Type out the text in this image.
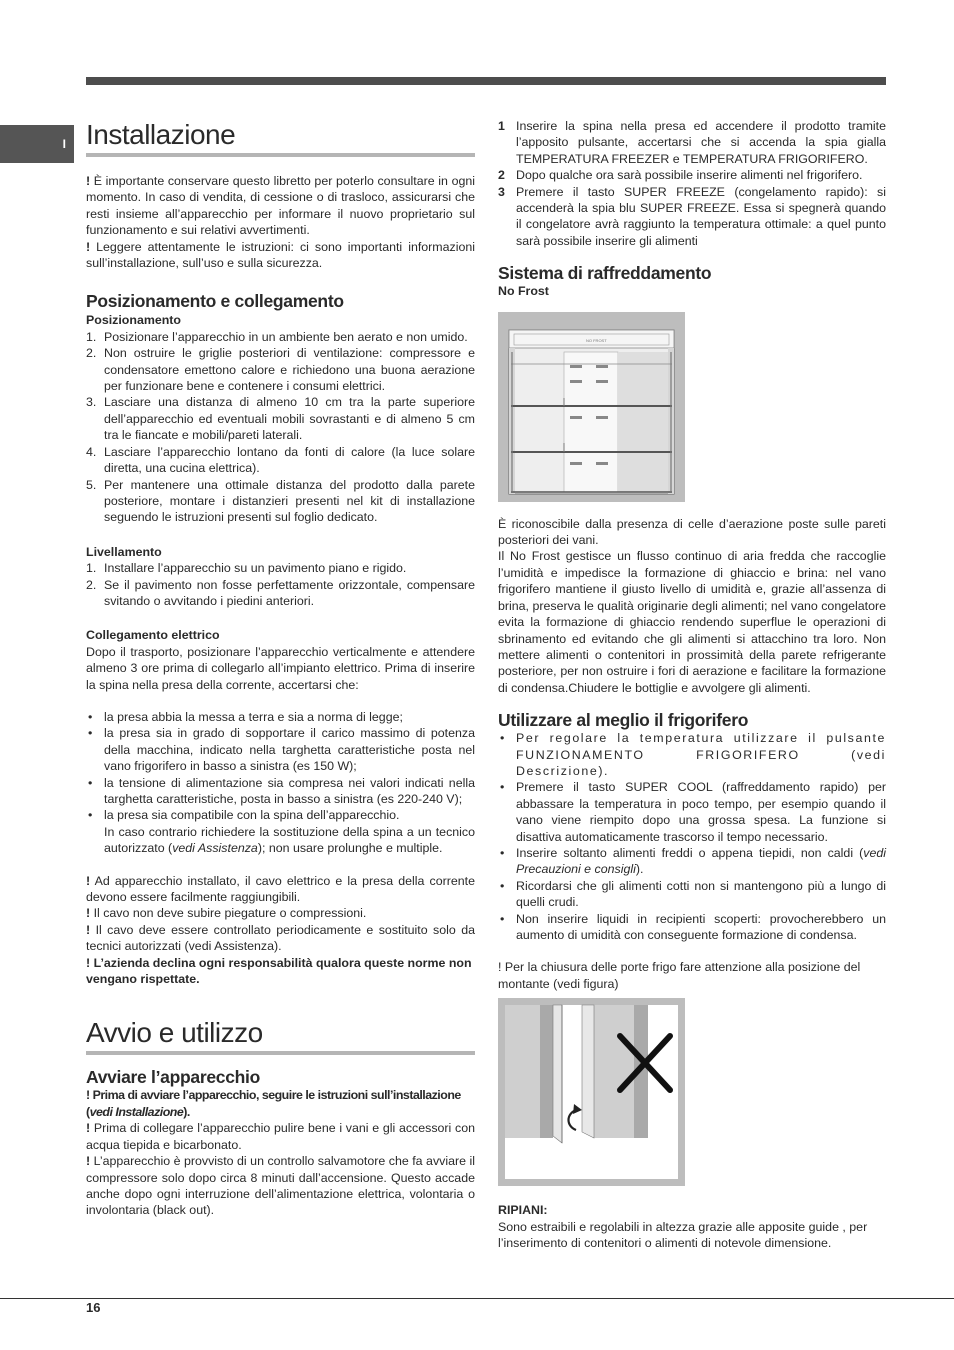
I Installazione

! È importante conservare questo libretto per poterlo consultare in ogni momento. In caso di vendita, di cessione o di trasloco, assicurarsi che resti insieme all’apparecchio per informare il nuovo proprietario sul funzionamento e sui relativi avvertimenti.

! Leggere attentamente le istruzioni: ci sono importanti informazioni sull’installazione, sull’uso e sulla sicurezza.

Posizionamento e collegamento
Posizionamento
1. Posizionare l’apparecchio in un ambiente ben aerato e non umido.
2. Non ostruire le griglie posteriori di ventilazione: compressore e condensatore emettono calore e richiedono una buona aerazione per funzionare bene e contenere i consumi elettrici.
3. Lasciare una distanza di almeno 10 cm tra la parte superiore dell’apparecchio ed eventuali mobili sovrastanti e di almeno 5 cm tra le fiancate e mobili/pareti laterali.
4. Lasciare l’apparecchio lontano da fonti di calore (la luce solare diretta, una cucina elettrica).
5. Per mantenere una ottimale distanza del prodotto dalla parete posteriore, montare i distanzieri presenti nel kit di installazione seguendo le istruzioni presenti sul foglio dedicato.
Livellamento
1. Installare l’apparecchio su un pavimento piano e rigido.
2. Se il pavimento non fosse perfettamente orizzontale, compensare svitando o avvitando i piedini anteriori.
Collegamento elettrico

Dopo il trasporto, posizionare l’apparecchio verticalmente e attendere almeno 3 ore prima di collegarlo all’impianto elettrico. Prima di inserire la spina nella presa della corrente, accertarsi che:

• la presa abbia la messa a terra e sia a norma di legge;
• la presa sia in grado di sopportare il carico massimo di potenza della macchina, indicato nella targhetta caratteristiche posta nel vano frigorifero in basso a sinistra (es 150 W);
• la tensione di alimentazione sia compresa nei valori indicati nella targhetta caratteristiche, posta in basso a sinistra (es 220-240 V);
• la presa sia compatibile con la spina dell’apparecchio.
In caso contrario richiedere la sostituzione della spina a un tecnico autorizzato (vedi Assistenza); non usare prolunghe e multiple.

! Ad apparecchio installato, il cavo elettrico e la presa della corrente devono essere facilmente raggiungibili.

! Il cavo non deve subire piegature o compressioni.

! Il cavo deve essere controllato periodicamente e sostituito solo da tecnici autorizzati (vedi Assistenza).

! L’azienda declina ogni responsabilità qualora queste norme non vengano rispettate.

Avvio e utilizzo
Avviare l’apparecchio

! Prima di avviare l’apparecchio, seguire le istruzioni sull’installazione (vedi Installazione).

! Prima di collegare l’apparecchio pulire bene i vani e gli accessori con acqua tiepida e bicarbonato.

! L’apparecchio è provvisto di un controllo salvamotore che fa avviare il compressore solo dopo circa 8 minuti dall’accensione. Questo accade anche dopo ogni interruzione dell’alimentazione elettrica, volontaria o involontaria (black out).

1 Inserire la spina nella presa ed accendere il prodotto tramite l’apposito pulsante, accertarsi che si accenda la spia gialla TEMPERATURA FREEZER e TEMPERATURA FRIGORIFERO.
2 Dopo qualche ora sarà possibile inserire alimenti nel frigorifero.
3 Premere il tasto SUPER FREEZE (congelamento rapido): si accenderà la spia blu SUPER FREEZE. Essa si spegnerà quando il congelatore avrà raggiunto la temperatura ottimale: a quel punto sarà possibile inserire gli alimenti
Sistema di raffreddamento
No Frost
NO FROST

È riconoscibile dalla presenza di celle d’aerazione poste sulle pareti posteriori dei vani.

Il No Frost gestisce un flusso continuo di aria fredda che raccoglie l’umidità e impedisce la formazione di ghiaccio e brina: nel vano frigorifero mantiene il giusto livello di umidità e, grazie all’assenza di brina, preserva le qualità originarie degli alimenti; nel vano congelatore evita la formazione di ghiaccio rendendo superflue le operazioni di sbrinamento ed evitando che gli alimenti si attacchino tra loro. Non mettere alimenti o contenitori in prossimità della parete refrigerante posteriore, per non ostruire i fori di aerazione e facilitare la formazione di condensa.Chiudere le bottiglie e avvolgere gli alimenti.

Utilizzare al meglio il frigorifero
• Per regolare la temperatura utilizzare il pulsante FUNZIONAMENTO FRIGORIFERO (vedi Descrizione).
• Premere il tasto SUPER COOL (raffreddamento rapido) per abbassare la temperatura in poco tempo, per esempio quando il vano viene riempito dopo una grossa spesa. La funzione si disattiva automaticamente trascorso il tempo necessario.
• Inserire soltanto alimenti freddi o appena tiepidi, non caldi (vedi Precauzioni e consigli).
• Ricordarsi che gli alimenti cotti non si mantengono più a lungo di quelli crudi.
• Non inserire liquidi in recipienti scoperti: provocherebbero un aumento di umidità con conseguente formazione di condensa.

! Per la chiusura delle porte frigo fare attenzione alla posizione del montante (vedi figura)

RIPIANI:

Sono estraibili e regolabili in altezza grazie alle apposite guide , per l’inserimento di contenitori o alimenti di notevole dimensione.

16
